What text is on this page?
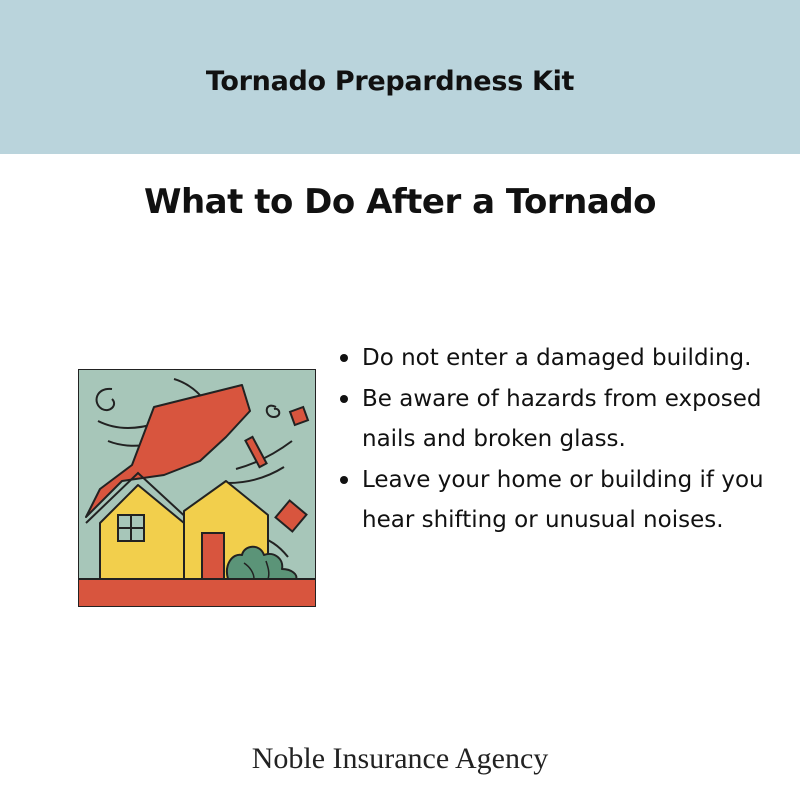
Tornado Prepardness Kit
What to Do After a Tornado
Do not enter a damaged building.
Be aware of hazards from exposed nails and broken glass.
Leave your home or building if you hear shifting or unusual noises.
Noble Insurance Agency
